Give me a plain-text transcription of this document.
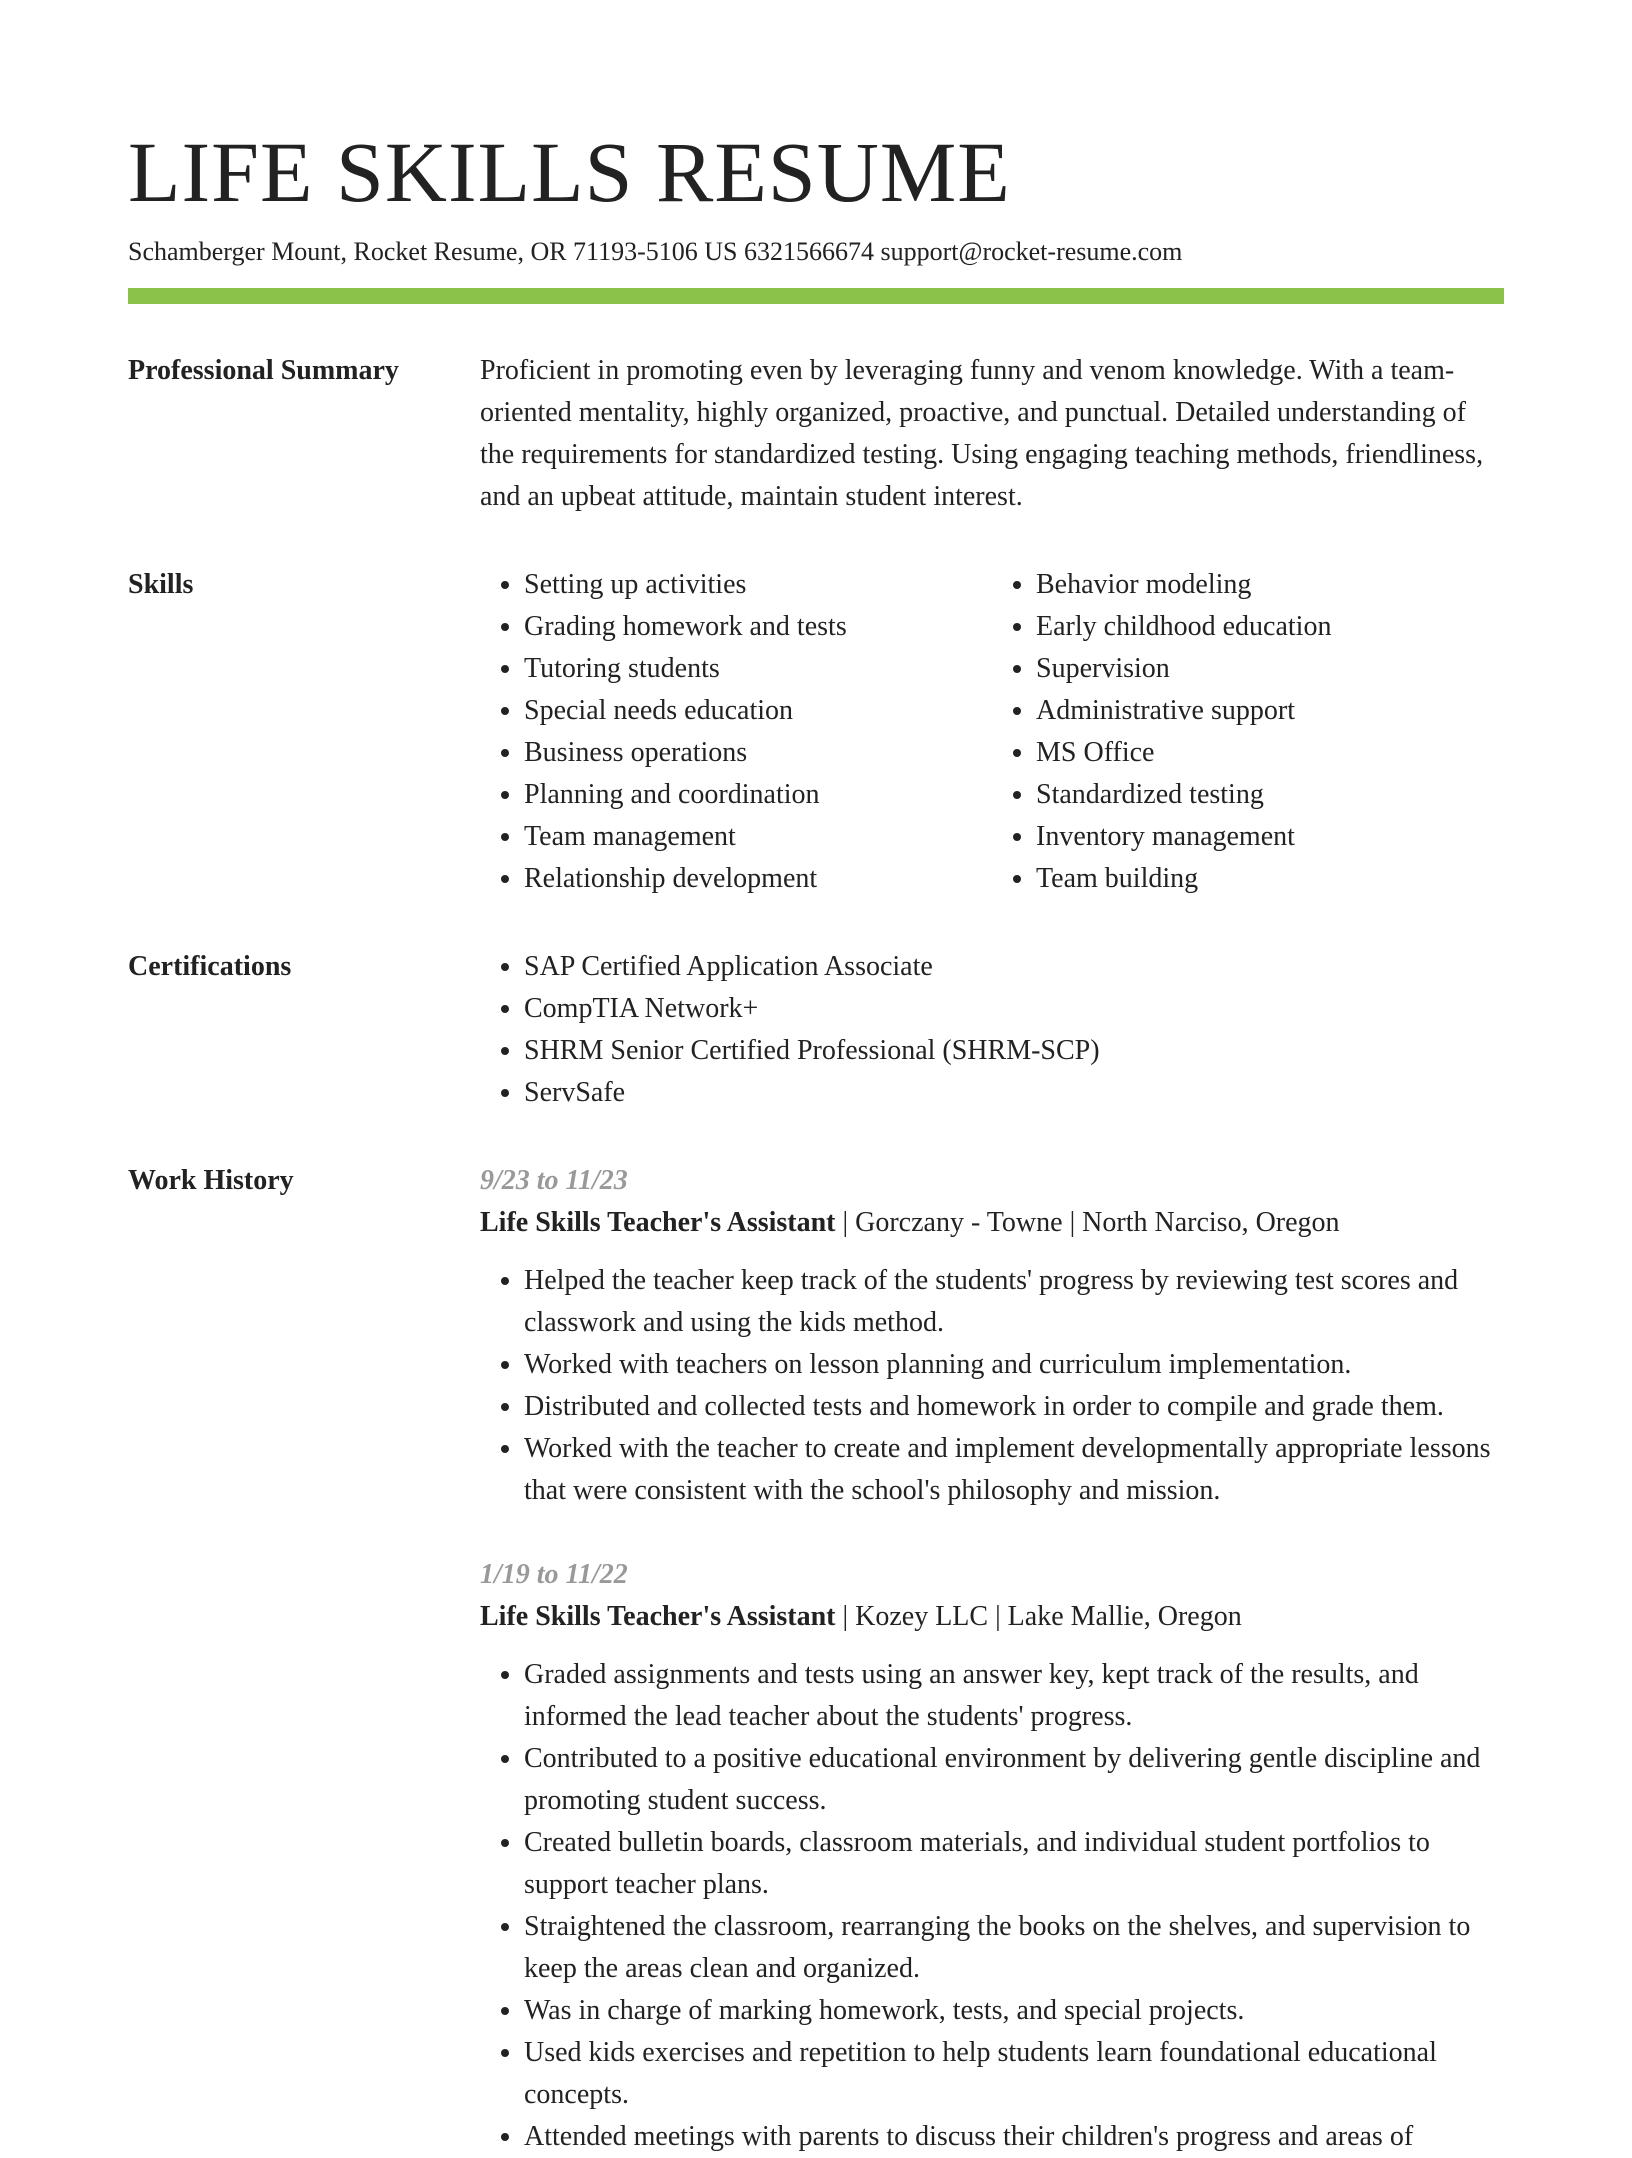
LIFE SKILLS RESUME
Schamberger Mount, Rocket Resume, OR 71193-5106 US 6321566674 support@rocket-resume.com
Professional Summary	Proficient in promoting even by leveraging funny and venom knowledge. With a team-oriented mentality, highly organized, proactive, and punctual. Detailed understanding of the requirements for standardized testing. Using engaging teaching methods, friendliness, and an upbeat attitude, maintain student interest.

Skills	• Setting up activities
• Grading homework and tests
• Tutoring students
• Special needs education
• Business operations
• Planning and coordination
• Team management
• Relationship development
• Behavior modeling
• Early childhood education
• Supervision
• Administrative support
• MS Office
• Standardized testing
• Inventory management
• Team building
Certifications	• SAP Certified Application Associate
• CompTIA Network+
• SHRM Senior Certified Professional (SHRM-SCP)
• ServSafe
Work History	9/23 to 11/23
Life Skills Teacher's Assistant | Gorczany - Towne | North Narciso, Oregon
• Helped the teacher keep track of the students' progress by reviewing test scores and classwork and using the kids method.
• Worked with teachers on lesson planning and curriculum implementation.
• Distributed and collected tests and homework in order to compile and grade them.
• Worked with the teacher to create and implement developmentally appropriate lessons that were consistent with the school's philosophy and mission.
1/19 to 11/22
Life Skills Teacher's Assistant | Kozey LLC | Lake Mallie, Oregon
• Graded assignments and tests using an answer key, kept track of the results, and informed the lead teacher about the students' progress.
• Contributed to a positive educational environment by delivering gentle discipline and promoting student success.
• Created bulletin boards, classroom materials, and individual student portfolios to support teacher plans.
• Straightened the classroom, rearranging the books on the shelves, and supervision to keep the areas clean and organized.
• Was in charge of marking homework, tests, and special projects.
• Used kids exercises and repetition to help students learn foundational educational concepts.
• Attended meetings with parents to discuss their children's progress and areas of
